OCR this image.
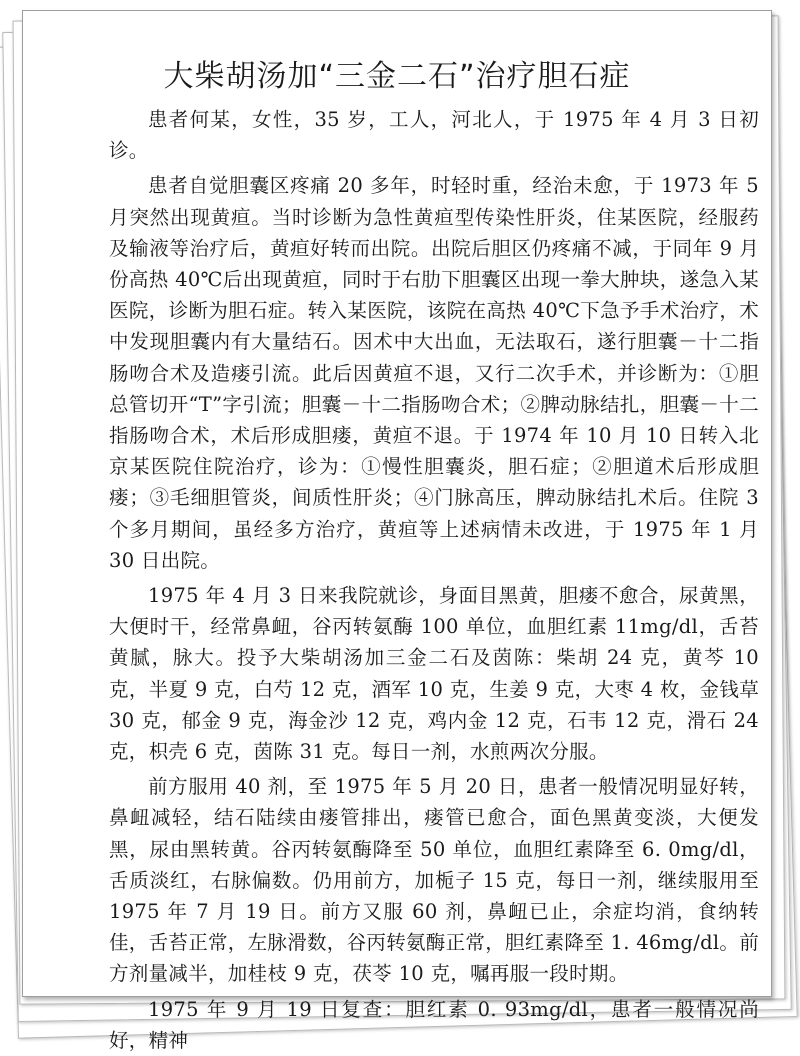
大柴胡汤加“三金二石”治疗胆石症

患者何某，女性，35 岁，工人，河北人，于 1975 年 4 月 3 日初诊。

患者自觉胆囊区疼痛 20 多年，时轻时重，经治未愈，于 1973 年 5 月突然出现黄疸。当时诊断为急性黄疸型传染性肝炎，住某医院，经服药及输液等治疗后，黄疸好转而出院。出院后胆区仍疼痛不减，于同年 9 月份高热 40℃后出现黄疸，同时于右肋下胆囊区出现一拳大肿块，遂急入某医院，诊断为胆石症。转入某医院，该院在高热 40℃下急予手术治疗，术中发现胆囊内有大量结石。因术中大出血，无法取石，遂行胆囊－十二指肠吻合术及造瘘引流。此后因黄疸不退，又行二次手术，并诊断为：①胆总管切开“T”字引流；胆囊－十二指肠吻合术；②脾动脉结扎，胆囊－十二指肠吻合术，术后形成胆瘘，黄疸不退。于 1974 年 10 月 10 日转入北京某医院住院治疗，诊为：①慢性胆囊炎，胆石症；②胆道术后形成胆瘘；③毛细胆管炎，间质性肝炎；④门脉高压，脾动脉结扎术后。住院 3 个多月期间，虽经多方治疗，黄疸等上述病情未改进，于 1975 年 1 月 30 日出院。

1975 年 4 月 3 日来我院就诊，身面目黑黄，胆瘘不愈合，尿黄黑，大便时干，经常鼻衄，谷丙转氨酶 100 单位，血胆红素 11mg/dl，舌苔黄腻，脉大。投予大柴胡汤加三金二石及茵陈：柴胡 24 克，黄芩 10 克，半夏 9 克，白芍 12 克，酒军 10 克，生姜 9 克，大枣 4 枚，金钱草 30 克，郁金 9 克，海金沙 12 克，鸡内金 12 克，石韦 12 克，滑石 24 克，枳壳 6 克，茵陈 31 克。每日一剂，水煎两次分服。

前方服用 40 剂，至 1975 年 5 月 20 日，患者一般情况明显好转，鼻衄减轻，结石陆续由瘘管排出，瘘管已愈合，面色黑黄变淡，大便发黑，尿由黑转黄。谷丙转氨酶降至 50 单位，血胆红素降至 6. 0mg/dl，舌质淡红，右脉偏数。仍用前方，加栀子 15 克，每日一剂，继续服用至 1975 年 7 月 19 日。前方又服 60 剂，鼻衄已止，余症均消，食纳转佳，舌苔正常，左脉滑数，谷丙转氨酶正常，胆红素降至 1. 46mg/dl。前方剂量减半，加桂枝 9 克，茯苓 10 克，嘱再服一段时期。

1975 年 9 月 19 日复查：胆红素 0. 93mg/dl，患者一般情况尚好，精神
